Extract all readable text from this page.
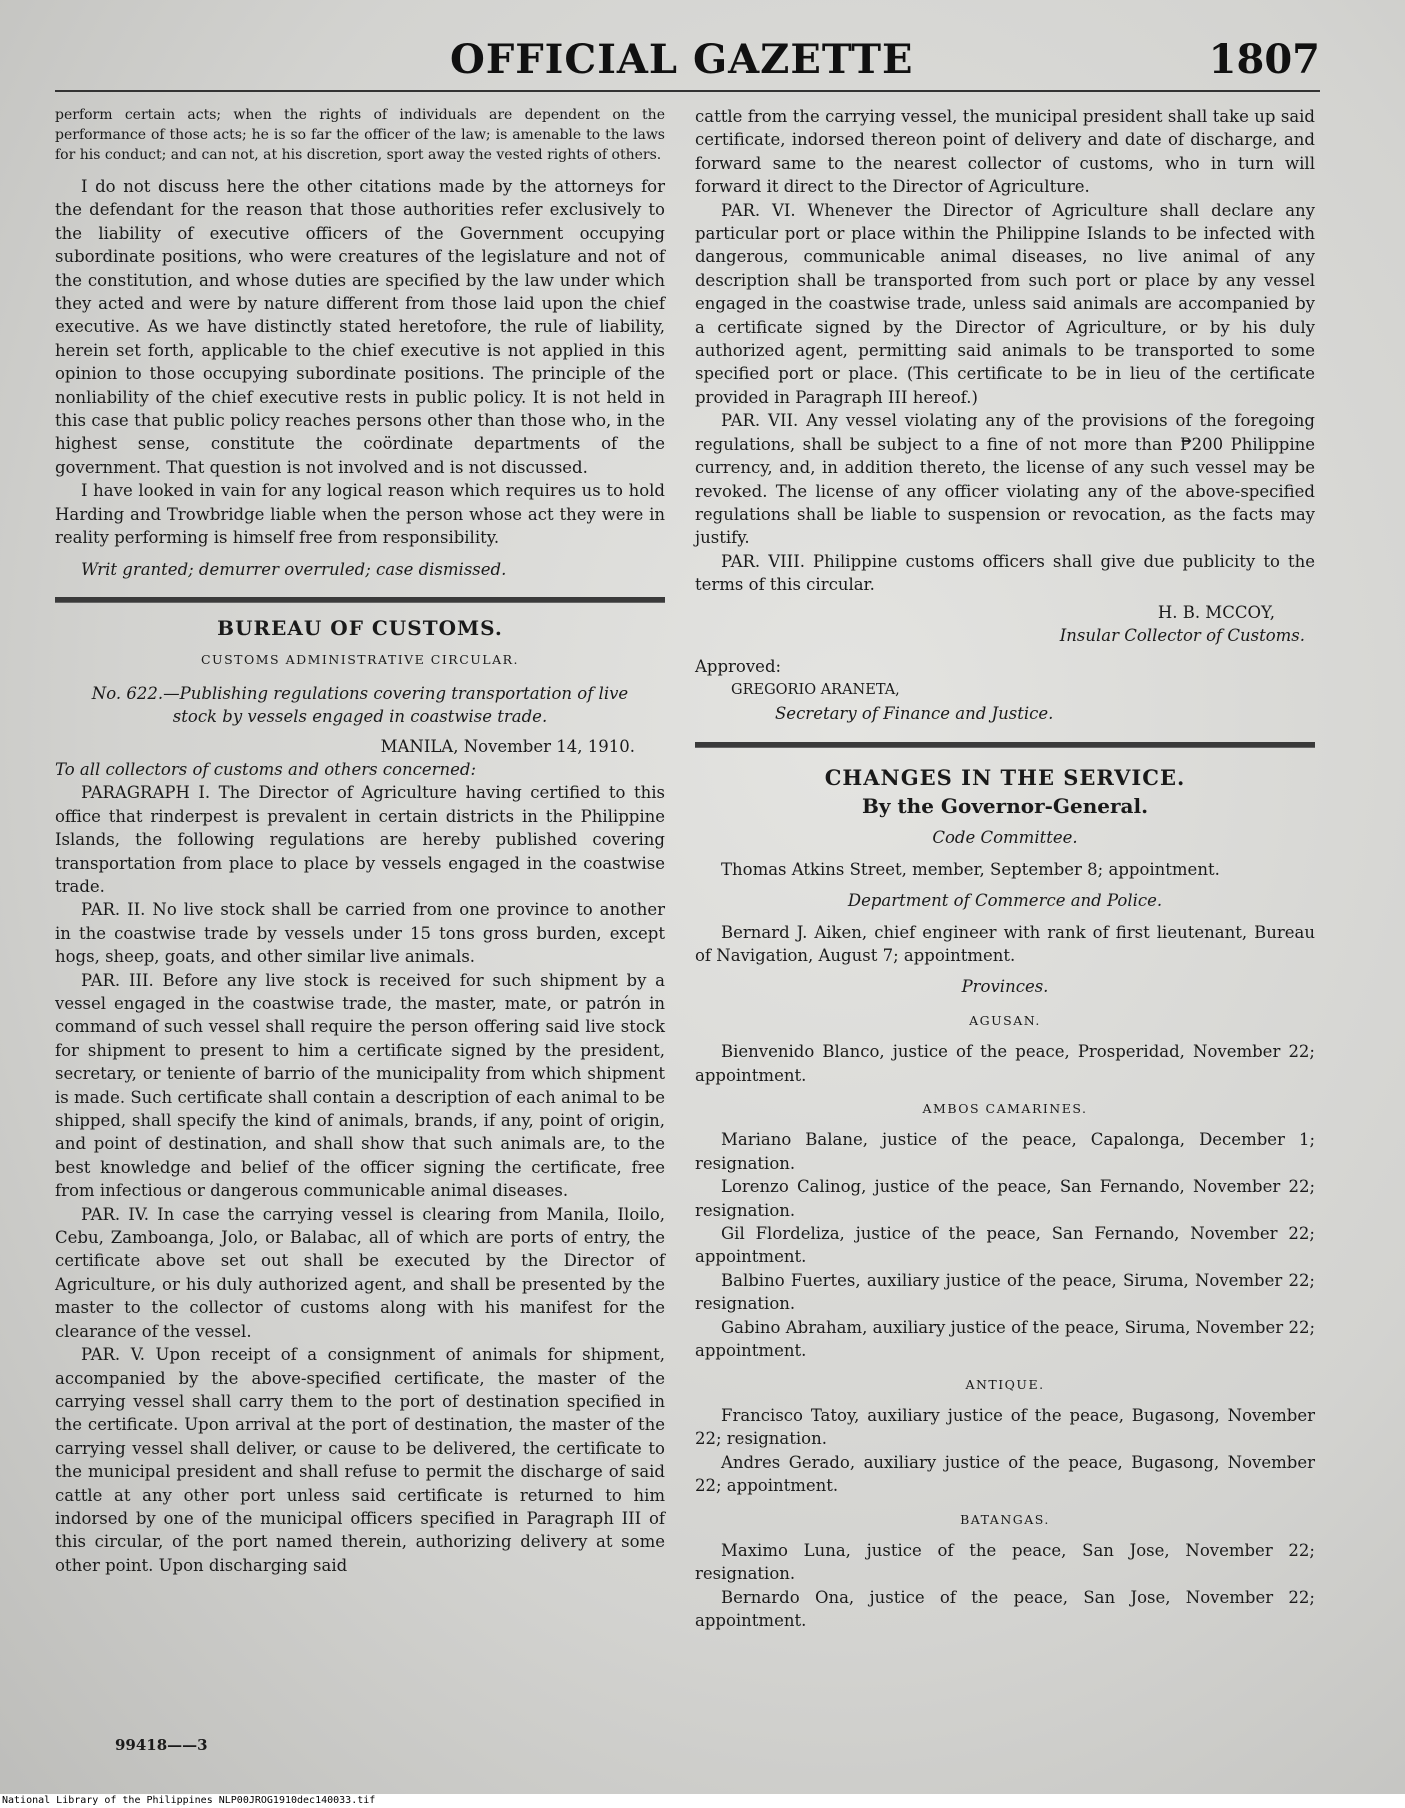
OFFICIAL GAZETTE	1807

perform certain acts; when the rights of individuals are dependent on the performance of those acts; he is so far the officer of the law; is amenable to the laws for his conduct; and can not, at his discretion, sport away the vested rights of others.

I do not discuss here the other citations made by the attorneys for the defendant for the reason that those authorities refer exclusively to the liability of executive officers of the Government occupying subordinate positions, who were creatures of the legislature and not of the constitution, and whose duties are specified by the law under which they acted and were by nature different from those laid upon the chief executive. As we have distinctly stated heretofore, the rule of liability, herein set forth, applicable to the chief executive is not applied in this opinion to those occupying subordinate positions. The principle of the nonliability of the chief executive rests in public policy. It is not held in this case that public policy reaches persons other than those who, in the highest sense, constitute the coördinate departments of the government. That question is not involved and is not discussed.

I have looked in vain for any logical reason which requires us to hold Harding and Trowbridge liable when the person whose act they were in reality performing is himself free from responsibility.

Writ granted; demurrer overruled; case dismissed.

BUREAU OF CUSTOMS.

CUSTOMS ADMINISTRATIVE CIRCULAR.

No. 622.—Publishing regulations covering transportation of live stock by vessels engaged in coastwise trade.

MANILA, November 14, 1910.

To all collectors of customs and others concerned:

PARAGRAPH I. The Director of Agriculture having certified to this office that rinderpest is prevalent in certain districts in the Philippine Islands, the following regulations are hereby published covering transportation from place to place by vessels engaged in the coastwise trade.

PAR. II. No live stock shall be carried from one province to another in the coastwise trade by vessels under 15 tons gross burden, except hogs, sheep, goats, and other similar live animals.

PAR. III. Before any live stock is received for such shipment by a vessel engaged in the coastwise trade, the master, mate, or patrón in command of such vessel shall require the person offering said live stock for shipment to present to him a certificate signed by the president, secretary, or teniente of barrio of the municipality from which shipment is made. Such certificate shall contain a description of each animal to be shipped, shall specify the kind of animals, brands, if any, point of origin, and point of destination, and shall show that such animals are, to the best knowledge and belief of the officer signing the certificate, free from infectious or dangerous communicable animal diseases.

PAR. IV. In case the carrying vessel is clearing from Manila, Iloilo, Cebu, Zamboanga, Jolo, or Balabac, all of which are ports of entry, the certificate above set out shall be executed by the Director of Agriculture, or his duly authorized agent, and shall be presented by the master to the collector of customs along with his manifest for the clearance of the vessel.

PAR. V. Upon receipt of a consignment of animals for shipment, accompanied by the above-specified certificate, the master of the carrying vessel shall carry them to the port of destination specified in the certificate. Upon arrival at the port of destination, the master of the carrying vessel shall deliver, or cause to be delivered, the certificate to the municipal president and shall refuse to permit the discharge of said cattle at any other port unless said certificate is returned to him indorsed by one of the municipal officers specified in Paragraph III of this circular, of the port named therein, authorizing delivery at some other point. Upon discharging said

99418——3

cattle from the carrying vessel, the municipal president shall take up said certificate, indorsed thereon point of delivery and date of discharge, and forward same to the nearest collector of customs, who in turn will forward it direct to the Director of Agriculture.

PAR. VI. Whenever the Director of Agriculture shall declare any particular port or place within the Philippine Islands to be infected with dangerous, communicable animal diseases, no live animal of any description shall be transported from such port or place by any vessel engaged in the coastwise trade, unless said animals are accompanied by a certificate signed by the Director of Agriculture, or by his duly authorized agent, permitting said animals to be transported to some specified port or place. (This certificate to be in lieu of the certificate provided in Paragraph III hereof.)

PAR. VII. Any vessel violating any of the provisions of the foregoing regulations, shall be subject to a fine of not more than ₱200 Philippine currency, and, in addition thereto, the license of any such vessel may be revoked. The license of any officer violating any of the above-specified regulations shall be liable to suspension or revocation, as the facts may justify.

PAR. VIII. Philippine customs officers shall give due publicity to the terms of this circular.

H. B. MCCOY,

Insular Collector of Customs.

Approved:

GREGORIO ARANETA,

Secretary of Finance and Justice.

CHANGES IN THE SERVICE.

By the Governor-General.

Code Committee.

Thomas Atkins Street, member, September 8; appointment.

Department of Commerce and Police.

Bernard J. Aiken, chief engineer with rank of first lieutenant, Bureau of Navigation, August 7; appointment.

Provinces.

AGUSAN.

Bienvenido Blanco, justice of the peace, Prosperidad, November 22; appointment.

AMBOS CAMARINES.

Mariano Balane, justice of the peace, Capalonga, December 1; resignation.

Lorenzo Calinog, justice of the peace, San Fernando, November 22; resignation.

Gil Flordeliza, justice of the peace, San Fernando, November 22; appointment.

Balbino Fuertes, auxiliary justice of the peace, Siruma, November 22; resignation.

Gabino Abraham, auxiliary justice of the peace, Siruma, November 22; appointment.

ANTIQUE.

Francisco Tatoy, auxiliary justice of the peace, Bugasong, November 22; resignation.

Andres Gerado, auxiliary justice of the peace, Bugasong, November 22; appointment.

BATANGAS.

Maximo Luna, justice of the peace, San Jose, November 22; resignation.

Bernardo Ona, justice of the peace, San Jose, November 22; appointment.

National Library of the Philippines NLP00JROG1910dec140033.tif
